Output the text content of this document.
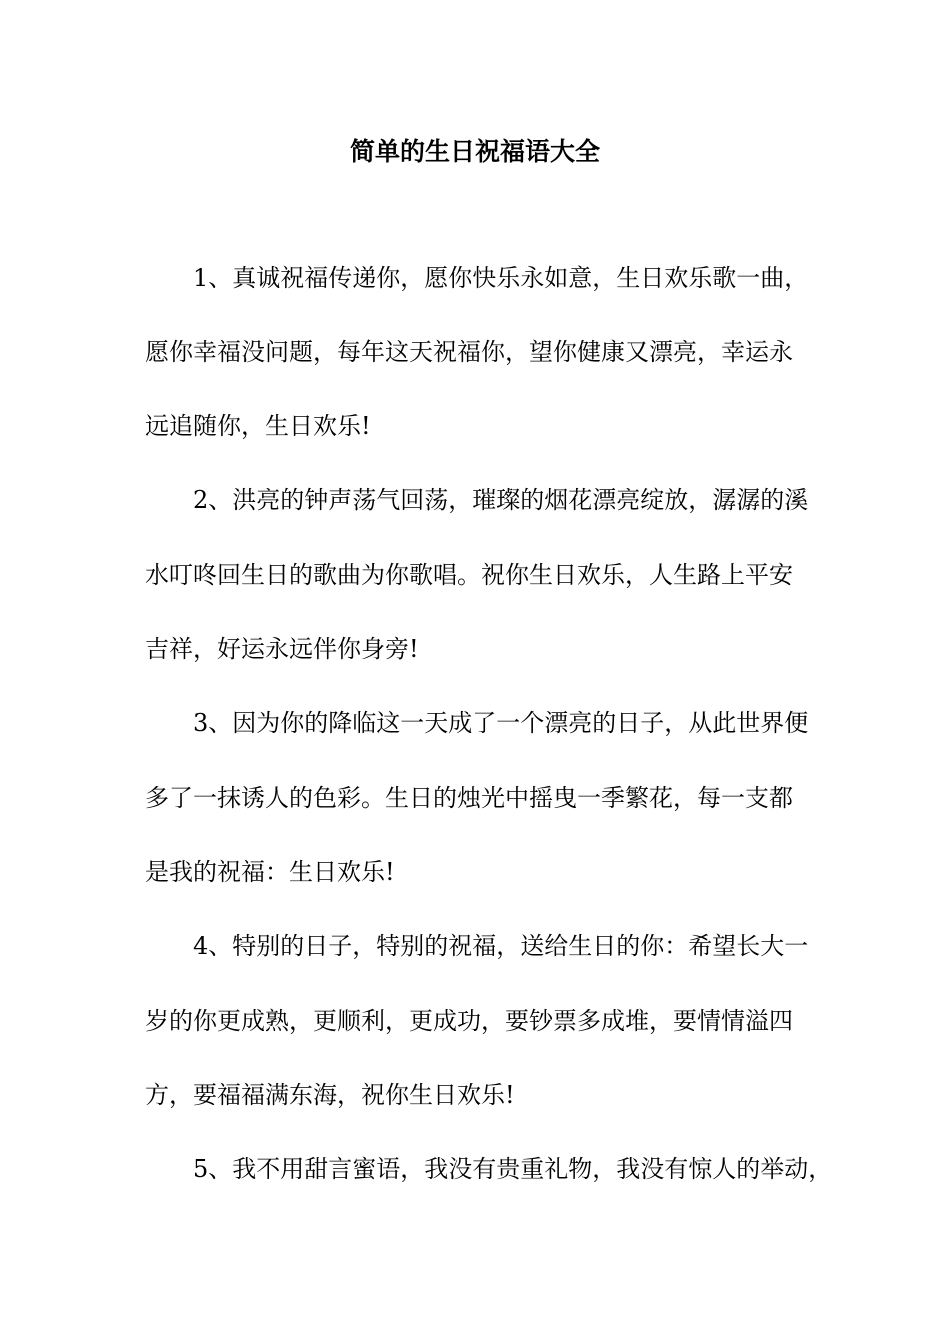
简单的生日祝福语大全
1、真诚祝福传递你，愿你快乐永如意，生日欢乐歌一曲，
愿你幸福没问题，每年这天祝福你，望你健康又漂亮，幸运永
远追随你，生日欢乐!
2、洪亮的钟声荡气回荡，璀璨的烟花漂亮绽放，潺潺的溪
水叮咚回生日的歌曲为你歌唱。祝你生日欢乐，人生路上平安
吉祥，好运永远伴你身旁!
3、因为你的降临这一天成了一个漂亮的日子，从此世界便
多了一抹诱人的色彩。生日的烛光中摇曳一季繁花，每一支都
是我的祝福：生日欢乐!
4、特别的日子，特别的祝福，送给生日的你：希望长大一
岁的你更成熟，更顺利，更成功，要钞票多成堆，要情情溢四
方，要福福满东海，祝你生日欢乐!
5、我不用甜言蜜语，我没有贵重礼物，我没有惊人的举动，
